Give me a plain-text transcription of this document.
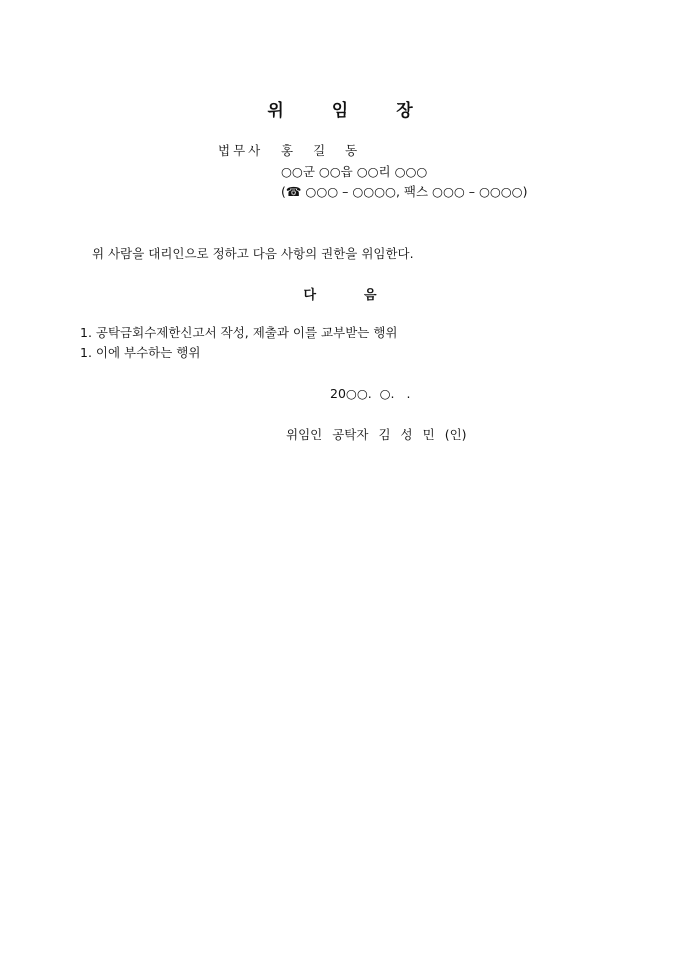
위	임	장
법무사 홍 길 동
○○군 ○○읍 ○○리 ○○○
(☎ ○○○ – ○○○○, 팩스 ○○○ – ○○○○)
위 사람을 대리인으로 정하고 다음 사항의 권한을 위임한다.
다	음
1. 공탁금회수제한신고서 작성, 제출과 이를 교부받는 행위
1. 이에 부수하는 행위
20○○.  ○.   .
위임인 공탁자 김 성 민 (인)
